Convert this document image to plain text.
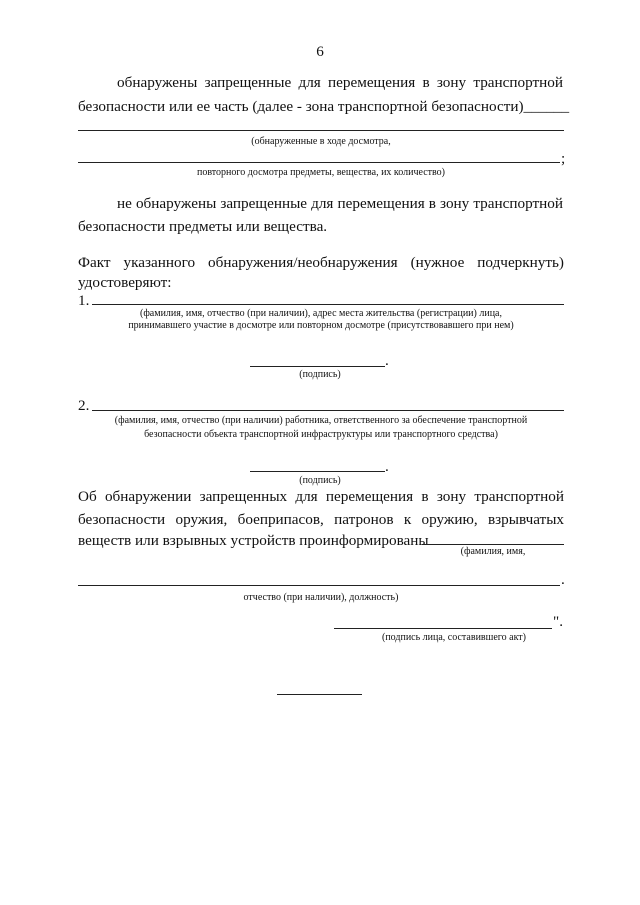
6
обнаружены запрещенные для перемещения в зону транспортной
безопасности или ее часть (далее - зона транспортной безопасности)______
(обнаруженные в ходе досмотра,
;
повторного досмотра предметы, вещества, их количество)
не обнаружены запрещенные для перемещения в зону транспортной
безопасности предметы или вещества.
Факт указанного обнаружения/необнаружения (нужное подчеркнуть)
удостоверяют:
1.
(фамилия, имя, отчество (при наличии), адрес места жительства (регистрации) лица,
принимавшего участие в досмотре или повторном досмотре (присутствовавшего при нем)
.
(подпись)
2.
(фамилия, имя, отчество (при наличии) работника, ответственного за обеспечение транспортной
безопасности объекта транспортной инфраструктуры или транспортного средства)
.
(подпись)
Об обнаружении запрещенных для перемещения в зону транспортной
безопасности оружия, боеприпасов, патронов к оружию, взрывчатых
веществ или взрывных устройств проинформированы
(фамилия, имя,
.
отчество (при наличии), должность)
".
(подпись лица, составившего акт)
